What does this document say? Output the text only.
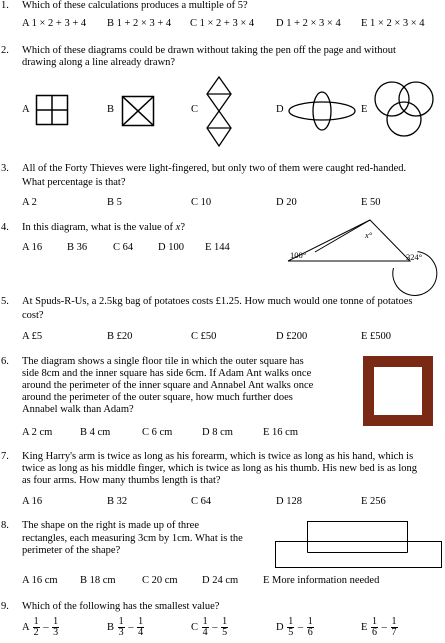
1. Which of these calculations produces a multiple of 5?
A 1 × 2 + 3 + 4 B 1 + 2 × 3 + 4 C 1 × 2 + 3 × 4 D 1 + 2 × 3 × 4 E 1 × 2 × 3 × 4
2. Which of these diagrams could be drawn without taking the pen off the page and without
drawing along a line already drawn?
A	B	C	D	E
3. All of the Forty Thieves were light-fingered, but only two of them were caught red-handed.
What percentage is that?
A 2	B 5	C 10	D 20	E 50
4. In this diagram, what is the value of x?
A 16 B 36 C 64 D 100 E 144
100°
x°
324°
5. At Spuds-R-Us, a 2.5kg bag of potatoes costs £1.25. How much would one tonne of potatoes
cost?
A £5	B £20	C £50	D £200	E £500
6. The diagram shows a single floor tile in which the outer square has
side 8cm and the inner square has side 6cm. If Adam Ant walks once
around the perimeter of the inner square and Annabel Ant walks once
around the perimeter of the outer square, how much further does
Annabel walk than Adam?
A 2 cm	B 4 cm	C 6 cm	D 8 cm	E 16 cm
7. King Harry's arm is twice as long as his forearm, which is twice as long as his hand, which is
twice as long as his middle finger, which is twice as long as his thumb. His new bed is as long
as four arms. How many thumbs length is that?
A 16	B 32	C 64	D 128	E 256
8. The shape on the right is made up of three
rectangles, each measuring 3cm by 1cm. What is the
perimeter of the shape?
A 16 cm B 18 cm	C 20 cm D 24 cm E More information needed
9. Which of the following has the smallest value?
A $\frac{1}{2} - \frac{1}{3}$	B $\frac{1}{3} - \frac{1}{4}$	C $\frac{1}{4} - \frac{1}{5}$	D $\frac{1}{5} - \frac{1}{6}$	E $\frac{1}{6} - \frac{1}{7}$
